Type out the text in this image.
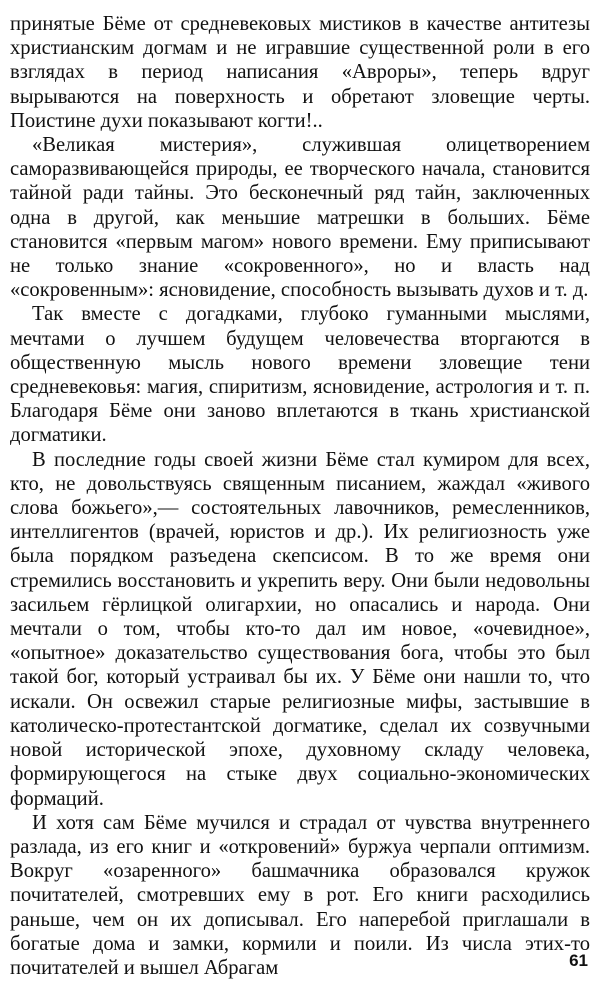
принятые Бёме от средневековых мистиков в качестве антитезы христианским догмам и не игравшие существенной роли в его взглядах в период написания «Авроры», теперь вдруг вырываются на поверхность и обретают зловещие черты. Поистине духи показывают когти!..

«Великая мистерия», служившая олицетворением саморазвивающейся природы, ее творческого начала, становится тайной ради тайны. Это бесконечный ряд тайн, заключенных одна в другой, как меньшие матрешки в больших. Бёме становится «первым магом» нового времени. Ему приписывают не только знание «сокровенного», но и власть над «сокровенным»: ясновидение, способность вызывать духов и т. д.

Так вместе с догадками, глубоко гуманными мыслями, мечтами о лучшем будущем человечества вторгаются в общественную мысль нового времени зловещие тени средневековья: магия, спиритизм, ясновидение, астрология и т. п. Благодаря Бёме они заново вплетаются в ткань христианской догматики.

В последние годы своей жизни Бёме стал кумиром для всех, кто, не довольствуясь священным писанием, жаждал «живого слова божьего»,— состоятельных лавочников, ремесленников, интеллигентов (врачей, юристов и др.). Их религиозность уже была порядком разъедена скепсисом. В то же время они стремились восстановить и укрепить веру. Они были недовольны засильем гёрлицкой олигархии, но опасались и народа. Они мечтали о том, чтобы кто-то дал им новое, «очевидное», «опытное» доказательство существования бога, чтобы это был такой бог, который устраивал бы их. У Бёме они нашли то, что искали. Он освежил старые религиозные мифы, застывшие в католическо-протестантской догматике, сделал их созвучными новой исторической эпохе, духовному складу человека, формирующегося на стыке двух социально-экономических формаций.

И хотя сам Бёме мучился и страдал от чувства внутреннего разлада, из его книг и «откровений» буржуа черпали оптимизм. Вокруг «озаренного» башмачника образовался кружок почитателей, смотревших ему в рот. Его книги расходились раньше, чем он их дописывал. Его наперебой приглашали в богатые дома и замки, кормили и поили. Из числа этих-то почитателей и вышел Абрагам	61
